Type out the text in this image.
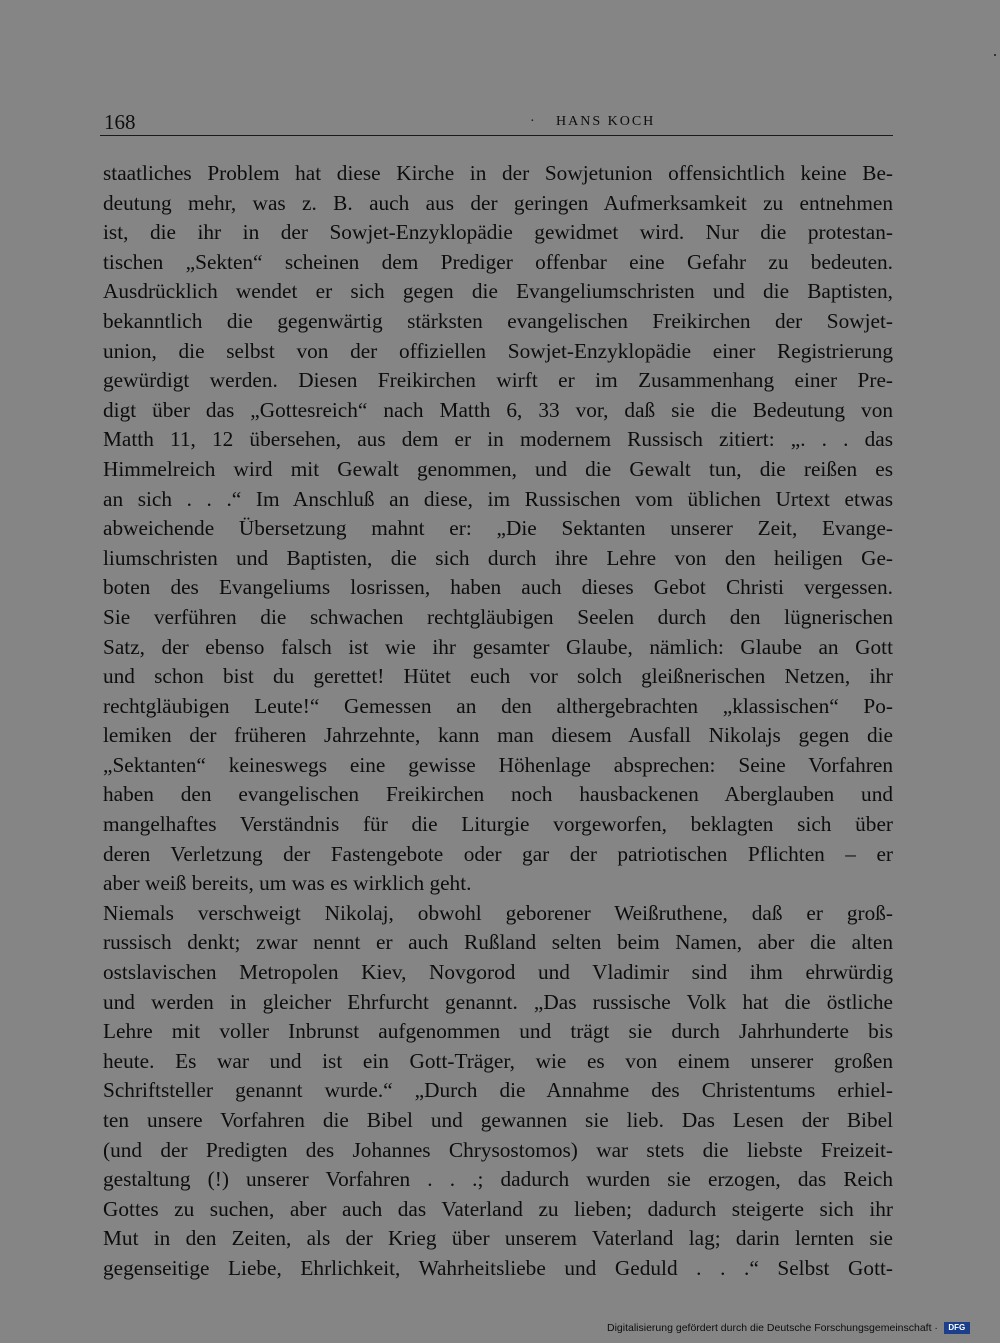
168	· HANS KOCH
staatliches Problem hat diese Kirche in der Sowjetunion offensichtlich keine Be-
deutung mehr, was z. B. auch aus der geringen Aufmerksamkeit zu entnehmen
ist, die ihr in der Sowjet-Enzyklopädie gewidmet wird. Nur die protestan-
tischen „Sekten“ scheinen dem Prediger offenbar eine Gefahr zu bedeuten.
Ausdrücklich wendet er sich gegen die Evangeliumschristen und die Baptisten,
bekanntlich die gegenwärtig stärksten evangelischen Freikirchen der Sowjet-
union, die selbst von der offiziellen Sowjet-Enzyklopädie einer Registrierung
gewürdigt werden. Diesen Freikirchen wirft er im Zusammenhang einer Pre-
digt über das „Gottesreich“ nach Matth 6, 33 vor, daß sie die Bedeutung von
Matth 11, 12 übersehen, aus dem er in modernem Russisch zitiert: „. . . das
Himmelreich wird mit Gewalt genommen, und die Gewalt tun, die reißen es
an sich . . .“ Im Anschluß an diese, im Russischen vom üblichen Urtext etwas
abweichende Übersetzung mahnt er: „Die Sektanten unserer Zeit, Evange-
liumschristen und Baptisten, die sich durch ihre Lehre von den heiligen Ge-
boten des Evangeliums losrissen, haben auch dieses Gebot Christi vergessen.
Sie verführen die schwachen rechtgläubigen Seelen durch den lügnerischen
Satz, der ebenso falsch ist wie ihr gesamter Glaube, nämlich: Glaube an Gott
und schon bist du gerettet! Hütet euch vor solch gleißnerischen Netzen, ihr
rechtgläubigen Leute!“ Gemessen an den althergebrachten „klassischen“ Po-
lemiken der früheren Jahrzehnte, kann man diesem Ausfall Nikolajs gegen die
„Sektanten“ keineswegs eine gewisse Höhenlage absprechen: Seine Vorfahren
haben den evangelischen Freikirchen noch hausbackenen Aberglauben und
mangelhaftes Verständnis für die Liturgie vorgeworfen, beklagten sich über
deren Verletzung der Fastengebote oder gar der patriotischen Pflichten – er
aber weiß bereits, um was es wirklich geht.
Niemals verschweigt Nikolaj, obwohl geborener Weißruthene, daß er groß-
russisch denkt; zwar nennt er auch Rußland selten beim Namen, aber die alten
ostslavischen Metropolen Kiev, Novgorod und Vladimir sind ihm ehrwürdig
und werden in gleicher Ehrfurcht genannt. „Das russische Volk hat die östliche
Lehre mit voller Inbrunst aufgenommen und trägt sie durch Jahrhunderte bis
heute. Es war und ist ein Gott-Träger, wie es von einem unserer großen
Schriftsteller genannt wurde.“ „Durch die Annahme des Christentums erhiel-
ten unsere Vorfahren die Bibel und gewannen sie lieb. Das Lesen der Bibel
(und der Predigten des Johannes Chrysostomos) war stets die liebste Freizeit-
gestaltung (!) unserer Vorfahren . . .; dadurch wurden sie erzogen, das Reich
Gottes zu suchen, aber auch das Vaterland zu lieben; dadurch steigerte sich ihr
Mut in den Zeiten, als der Krieg über unserem Vaterland lag; darin lernten sie
gegenseitige Liebe, Ehrlichkeit, Wahrheitsliebe und Geduld . . .“ Selbst Gott-
Digitalisierung gefördert durch die Deutsche Forschungsgemeinschaft · DFG
